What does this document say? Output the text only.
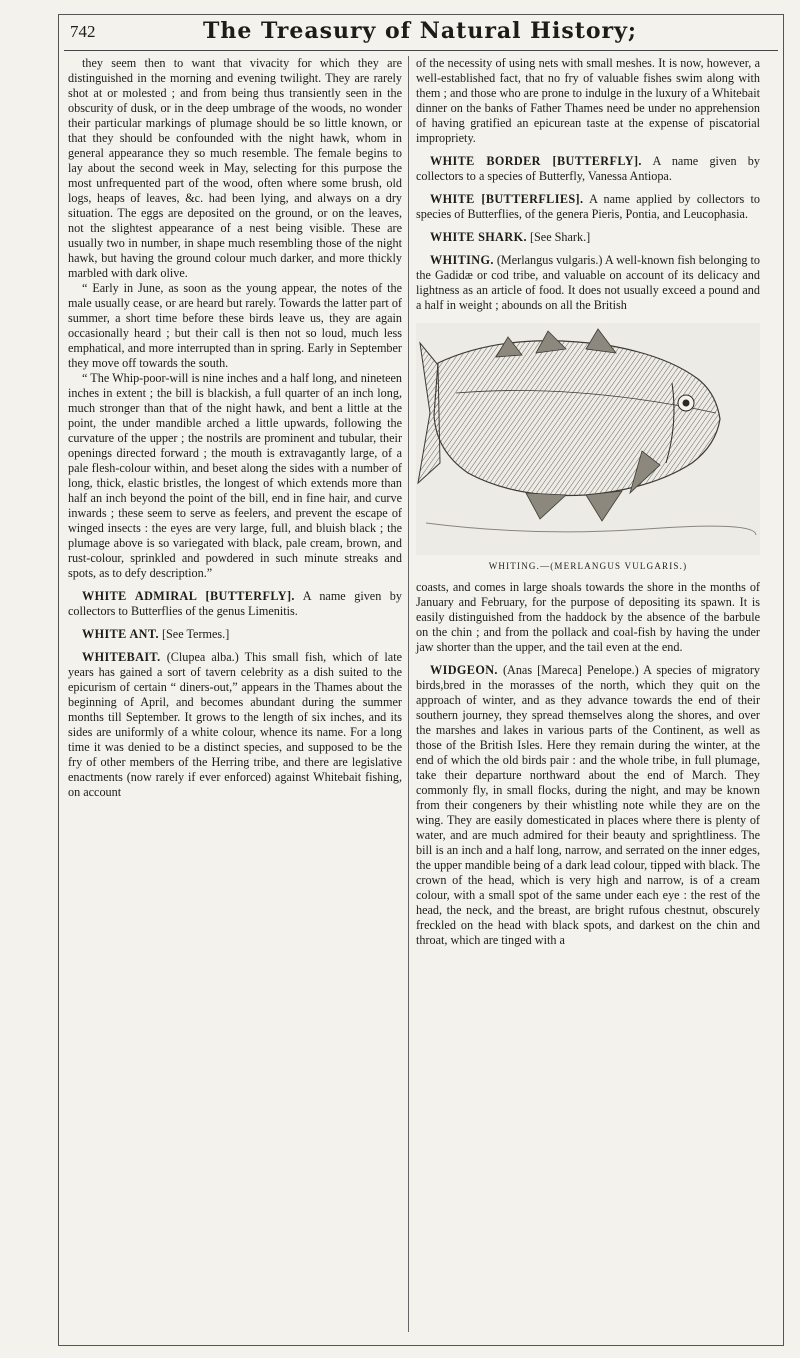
742	The Treasury of Natural History;

they seem then to want that vivacity for which they are distinguished in the morning and evening twilight. They are rarely shot at or molested ; and from being thus transiently seen in the obscurity of dusk, or in the deep umbrage of the woods, no wonder their particular markings of plumage should be so little known, or that they should be confounded with the night hawk, whom in general appearance they so much resemble. The female begins to lay about the second week in May, selecting for this purpose the most unfrequented part of the wood, often where some brush, old logs, heaps of leaves, &c. had been lying, and always on a dry situation. The eggs are deposited on the ground, or on the leaves, not the slightest appearance of a nest being visible. These are usually two in number, in shape much resembling those of the night hawk, but having the ground colour much darker, and more thickly marbled with dark olive.

“ Early in June, as soon as the young appear, the notes of the male usually cease, or are heard but rarely. Towards the latter part of summer, a short time before these birds leave us, they are again occasionally heard ; but their call is then not so loud, much less emphatical, and more interrupted than in spring. Early in September they move off towards the south.

“ The Whip-poor-will is nine inches and a half long, and nineteen inches in extent ; the bill is blackish, a full quarter of an inch long, much stronger than that of the night hawk, and bent a little at the point, the under mandible arched a little upwards, following the curvature of the upper ; the nostrils are prominent and tubular, their openings directed forward ; the mouth is extravagantly large, of a pale flesh-colour within, and beset along the sides with a number of long, thick, elastic bristles, the longest of which extends more than half an inch beyond the point of the bill, end in fine hair, and curve inwards ; these seem to serve as feelers, and prevent the escape of winged insects : the eyes are very large, full, and bluish black ; the plumage above is so variegated with black, pale cream, brown, and rust-colour, sprinkled and powdered in such minute streaks and spots, as to defy description.”

WHITE ADMIRAL [BUTTERFLY]. A name given by collectors to Butterflies of the genus Limenitis.

WHITE ANT. [See Termes.]

WHITEBAIT. (Clupea alba.) This small fish, which of late years has gained a sort of tavern celebrity as a dish suited to the epicurism of certain “ diners-out,” appears in the Thames about the beginning of April, and becomes abundant during the summer months till September. It grows to the length of six inches, and its sides are uniformly of a white colour, whence its name. For a long time it was denied to be a distinct species, and supposed to be the fry of other members of the Herring tribe, and there are legislative enactments (now rarely if ever enforced) against Whitebait fishing, on account

of the necessity of using nets with small meshes. It is now, however, a well-established fact, that no fry of valuable fishes swim along with them ; and those who are prone to indulge in the luxury of a Whitebait dinner on the banks of Father Thames need be under no apprehension of having gratified an epicurean taste at the expense of piscatorial impropriety.

WHITE BORDER [BUTTERFLY]. A name given by collectors to a species of Butterfly, Vanessa Antiopa.

WHITE [BUTTERFLIES]. A name applied by collectors to species of Butterflies, of the genera Pieris, Pontia, and Leucophasia.

WHITE SHARK. [See Shark.]

WHITING. (Merlangus vulgaris.) A well-known fish belonging to the Gadidæ or cod tribe, and valuable on account of its delicacy and lightness as an article of food. It does not usually exceed a pound and a half in weight ; abounds on all the British

WHITING.—(MERLANGUS VULGARIS.)

coasts, and comes in large shoals towards the shore in the months of January and February, for the purpose of depositing its spawn. It is easily distinguished from the haddock by the absence of the barbule on the chin ; and from the pollack and coal-fish by having the under jaw shorter than the upper, and the tail even at the end.

WIDGEON. (Anas [Mareca] Penelope.) A species of migratory birds,bred in the morasses of the north, which they quit on the approach of winter, and as they advance towards the end of their southern journey, they spread themselves along the shores, and over the marshes and lakes in various parts of the Continent, as well as those of the British Isles. Here they remain during the winter, at the end of which the old birds pair : and the whole tribe, in full plumage, take their departure northward about the end of March. They commonly fly, in small flocks, during the night, and may be known from their congeners by their whistling note while they are on the wing. They are easily domesticated in places where there is plenty of water, and are much admired for their beauty and sprightliness. The bill is an inch and a half long, narrow, and serrated on the inner edges, the upper mandible being of a dark lead colour, tipped with black. The crown of the head, which is very high and narrow, is of a cream colour, with a small spot of the same under each eye : the rest of the head, the neck, and the breast, are bright rufous chestnut, obscurely freckled on the head with black spots, and darkest on the chin and throat, which are tinged with a
